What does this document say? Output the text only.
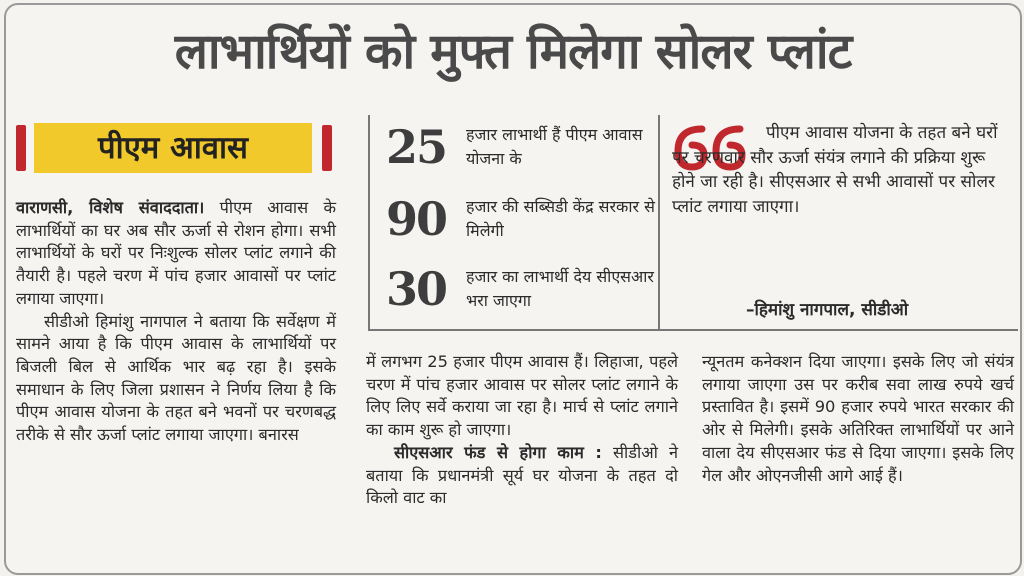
लाभार्थियों को मुफ्त मिलेगा सोलर प्लांट
पीएम आवास

वाराणसी, विशेष संवाददाता। पीएम आवास के लाभार्थियों का घर अब सौर ऊर्जा से रोशन होगा। सभी लाभार्थियों के घरों पर निःशुल्क सोलर प्लांट लगाने की तैयारी है। पहले चरण में पांच हजार आवासों पर प्लांट लगाया जाएगा।

सीडीओ हिमांशु नागपाल ने बताया कि सर्वेक्षण में सामने आया है कि पीएम आवास के लाभार्थियों पर बिजली बिल से आर्थिक भार बढ़ रहा है। इसके समाधान के लिए जिला प्रशासन ने निर्णय लिया है कि पीएम आवास योजना के तहत बने भवनों पर चरणबद्ध तरीके से सौर ऊर्जा प्लांट लगाया जाएगा। बनारस

25 हजार लाभार्थी हैं पीएम आवास योजना के
90 हजार की सब्सिडी केंद्र सरकार से मिलेगी
30 हजार का लाभार्थी देय सीएसआर भरा जाएगा
पीएम आवास योजना के तहत बने घरों पर चरणवार सौर ऊर्जा संयंत्र लगाने की प्रक्रिया शुरू होने जा रही है। सीएसआर से सभी आवासों पर सोलर प्लांट लगाया जाएगा।
–हिमांशु नागपाल, सीडीओ

में लगभग 25 हजार पीएम आवास हैं। लिहाजा, पहले चरण में पांच हजार आवास पर सोलर प्लांट लगाने के लिए लिए सर्वे कराया जा रहा है। मार्च से प्लांट लगाने का काम शुरू हो जाएगा।

सीएसआर फंड से होगा काम : सीडीओ ने बताया कि प्रधानमंत्री सूर्य घर योजना के तहत दो किलो वाट का

न्यूनतम कनेक्शन दिया जाएगा। इसके लिए जो संयंत्र लगाया जाएगा उस पर करीब सवा लाख रुपये खर्च प्रस्तावित है। इसमें 90 हजार रुपये भारत सरकार की ओर से मिलेगी। इसके अतिरिक्त लाभार्थियों पर आने वाला देय सीएसआर फंड से दिया जाएगा। इसके लिए गेल और ओएनजीसी आगे आई हैं।
